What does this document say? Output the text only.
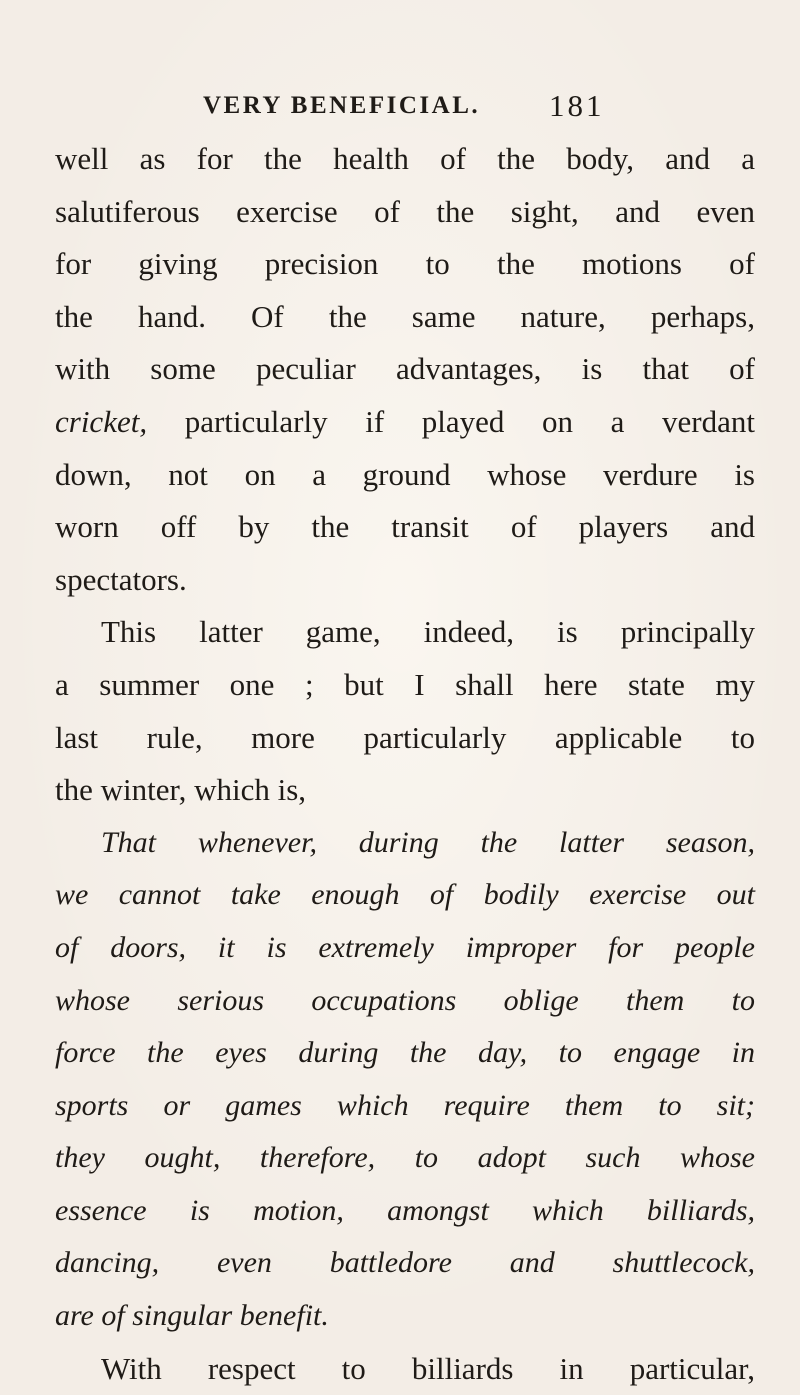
VERY BENEFICIAL. 181
well as for the health of the body, and a
salutiferous exercise of the sight, and even
for giving precision to the motions of
the hand. Of the same nature, perhaps,
with some peculiar advantages, is that of
cricket, particularly if played on a verdant
down, not on a ground whose verdure is
worn off by the transit of players and
spectators.
This latter game, indeed, is principally
a summer one ; but I shall here state my
last rule, more particularly applicable to
the winter, which is,
That whenever, during the latter season,
we cannot take enough of bodily exercise out
of doors, it is extremely improper for people
whose serious occupations oblige them to
force the eyes during the day, to engage in
sports or games which require them to sit;
they ought, therefore, to adopt such whose
essence is motion, amongst which billiards,
dancing, even battledore and shuttlecock,
are of singular benefit.
With respect to billiards in particular,
